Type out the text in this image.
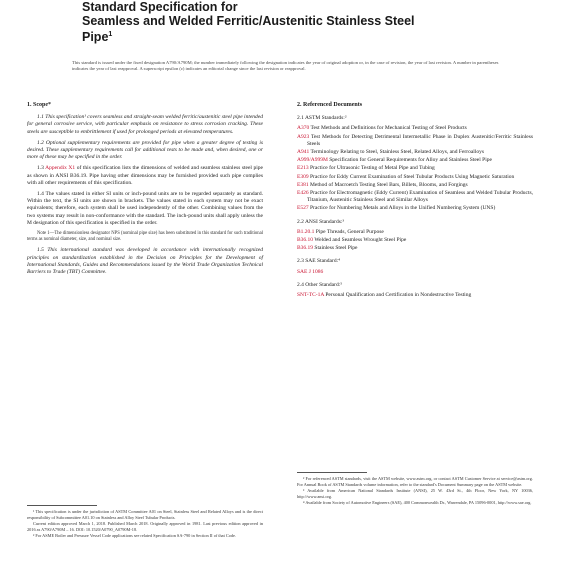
Standard Specification for
Seamless and Welded Ferritic/Austenitic Stainless Steel
Pipe$^1$
This standard is issued under the fixed designation A790/A790M; the number immediately following the designation indicates the year of original adoption or, in the case of revision, the year of last revision. A number in parentheses indicates the year of last reapproval. A superscript epsilon (ε) indicates an editorial change since the last revision or reapproval.
1. Scope*

1.1 This specification¹ covers seamless and straight-seam welded ferritic/austenitic steel pipe intended for general corrosive service, with particular emphasis on resistance to stress corrosion cracking. These steels are susceptible to embrittlement if used for prolonged periods at elevated temperatures.

1.2 Optional supplementary requirements are provided for pipe when a greater degree of testing is desired. These supplementary requirements call for additional tests to be made and, when desired, one or more of these may be specified in the order.

1.3 Appendix X1 of this specification lists the dimensions of welded and seamless stainless steel pipe as shown in ANSI B36.19. Pipe having other dimensions may be furnished provided such pipe complies with all other requirements of this specification.

1.4 The values stated in either SI units or inch-pound units are to be regarded separately as standard. Within the text, the SI units are shown in brackets. The values stated in each system may not be exact equivalents; therefore, each system shall be used independently of the other. Combining values from the two systems may result in non-conformance with the standard. The inch-pound units shall apply unless the M designation of this specification is specified in the order.

Note 1—The dimensionless designator NPS (nominal pipe size) has been substituted in this standard for such traditional terms as nominal diameter, size, and nominal size.

1.5 This international standard was developed in accordance with internationally recognized principles on standardization established in the Decision on Principles for the Development of International Standards, Guides and Recommendations issued by the World Trade Organization Technical Barriers to Trade (TBT) Committee.

¹ This specification is under the jurisdiction of ASTM Committee A01 on Steel, Stainless Steel and Related Alloys and is the direct responsibility of Subcommittee A01.10 on Stainless and Alloy Steel Tubular Products.

Current edition approved March 1, 2018. Published March 2018. Originally approved in 1981. Last previous edition approved in 2016 as A790/A790M – 16. DOI: 10.1520/A0790_A0790M-18.

² For ASME Boiler and Pressure Vessel Code applications see related Specification SA-790 in Section II of that Code.

2. Referenced Documents
2.1 ASTM Standards:²
A370 Test Methods and Definitions for Mechanical Testing of Steel Products
A923 Test Methods for Detecting Detrimental Intermetallic Phase in Duplex Austenitic/Ferritic Stainless Steels
A941 Terminology Relating to Steel, Stainless Steel, Related Alloys, and Ferroalloys
A999/A999M Specification for General Requirements for Alloy and Stainless Steel Pipe
E213 Practice for Ultrasonic Testing of Metal Pipe and Tubing
E309 Practice for Eddy Current Examination of Steel Tubular Products Using Magnetic Saturation
E381 Method of Macroetch Testing Steel Bars, Billets, Blooms, and Forgings
E426 Practice for Electromagnetic (Eddy Current) Examination of Seamless and Welded Tubular Products, Titanium, Austenitic Stainless Steel and Similar Alloys
E527 Practice for Numbering Metals and Alloys in the Unified Numbering System (UNS)
2.2 ANSI Standards:³
B1.20.1 Pipe Threads, General Purpose
B36.10 Welded and Seamless Wrought Steel Pipe
B36.19 Stainless Steel Pipe
2.3 SAE Standard:⁴
SAE J 1086
2.4 Other Standard:⁵
SNT-TC-1A Personal Qualification and Certification in Nondestructive Testing

² For referenced ASTM standards, visit the ASTM website, www.astm.org, or contact ASTM Customer Service at service@astm.org. For Annual Book of ASTM Standards volume information, refer to the standard's Document Summary page on the ASTM website.

³ Available from American National Standards Institute (ANSI), 25 W. 43rd St., 4th Floor, New York, NY 10036, http://www.ansi.org.

⁴ Available from Society of Automotive Engineers (SAE), 400 Commonwealth Dr., Warrendale, PA 15096-0001, http://www.sae.org.
